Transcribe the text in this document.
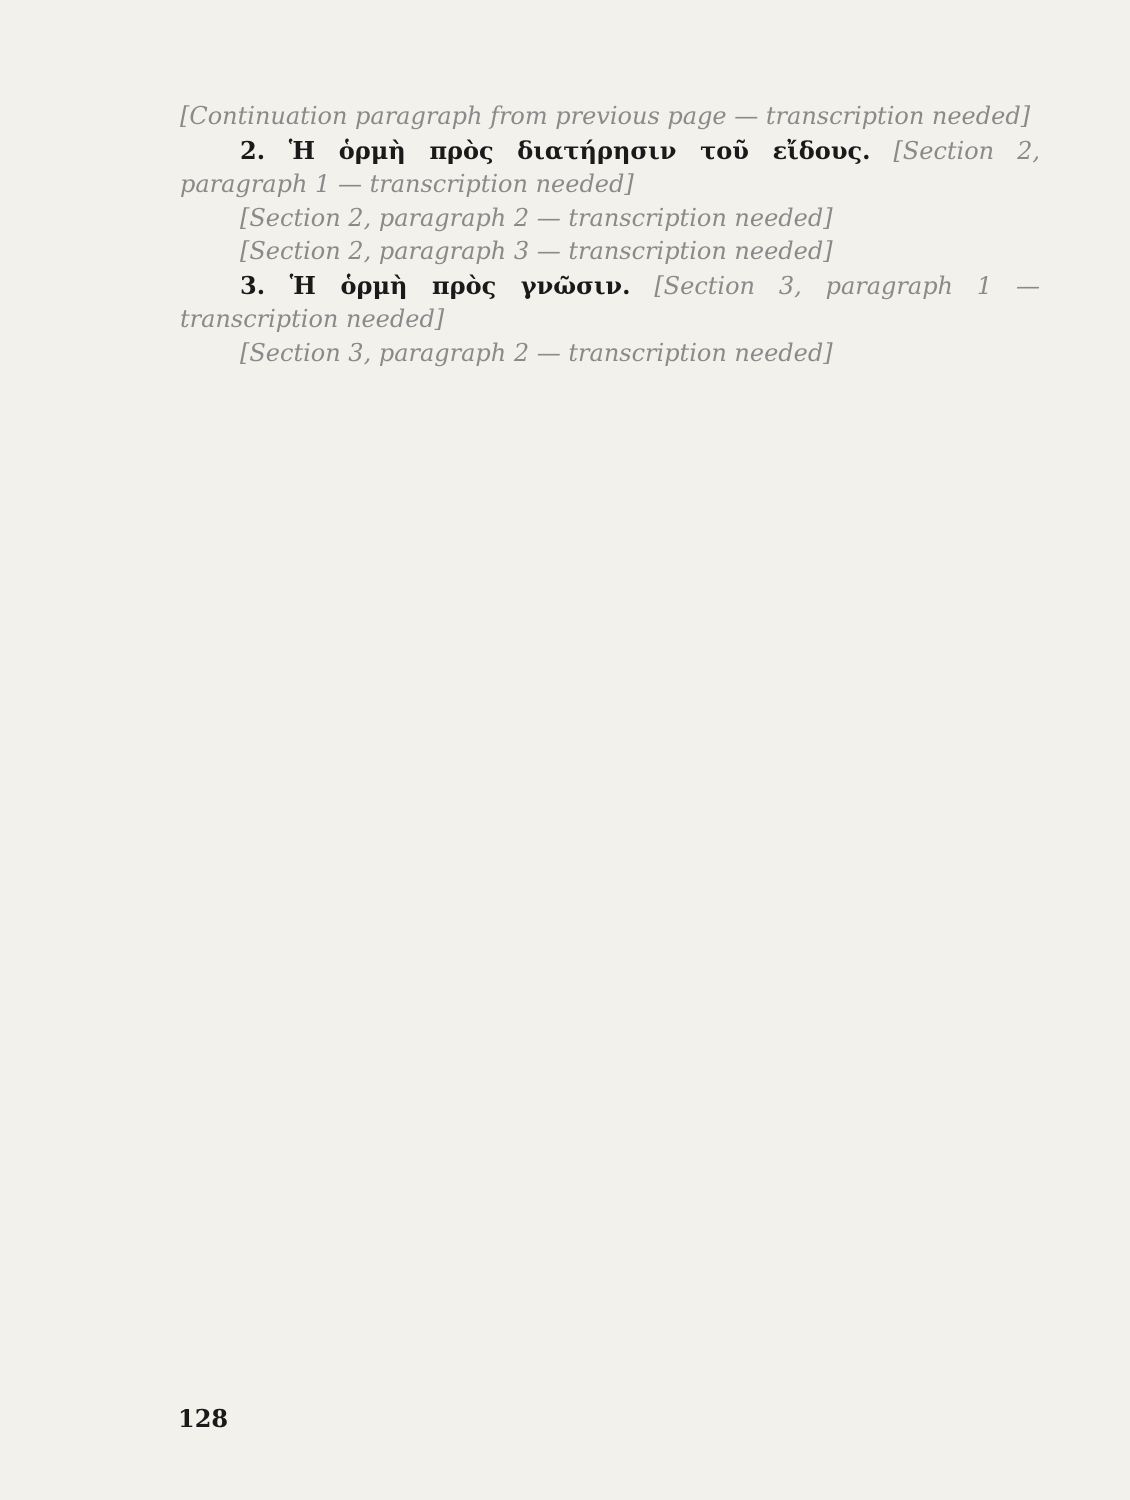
[Continuation paragraph from previous page — transcription needed]

2. Ἡ ὁρμὴ πρὸς διατήρησιν τοῦ εἴδους. [Section 2, paragraph 1 — transcription needed]

[Section 2, paragraph 2 — transcription needed]

[Section 2, paragraph 3 — transcription needed]

3. Ἡ ὁρμὴ πρὸς γνῶσιν. [Section 3, paragraph 1 — transcription needed]

[Section 3, paragraph 2 — transcription needed]

128
